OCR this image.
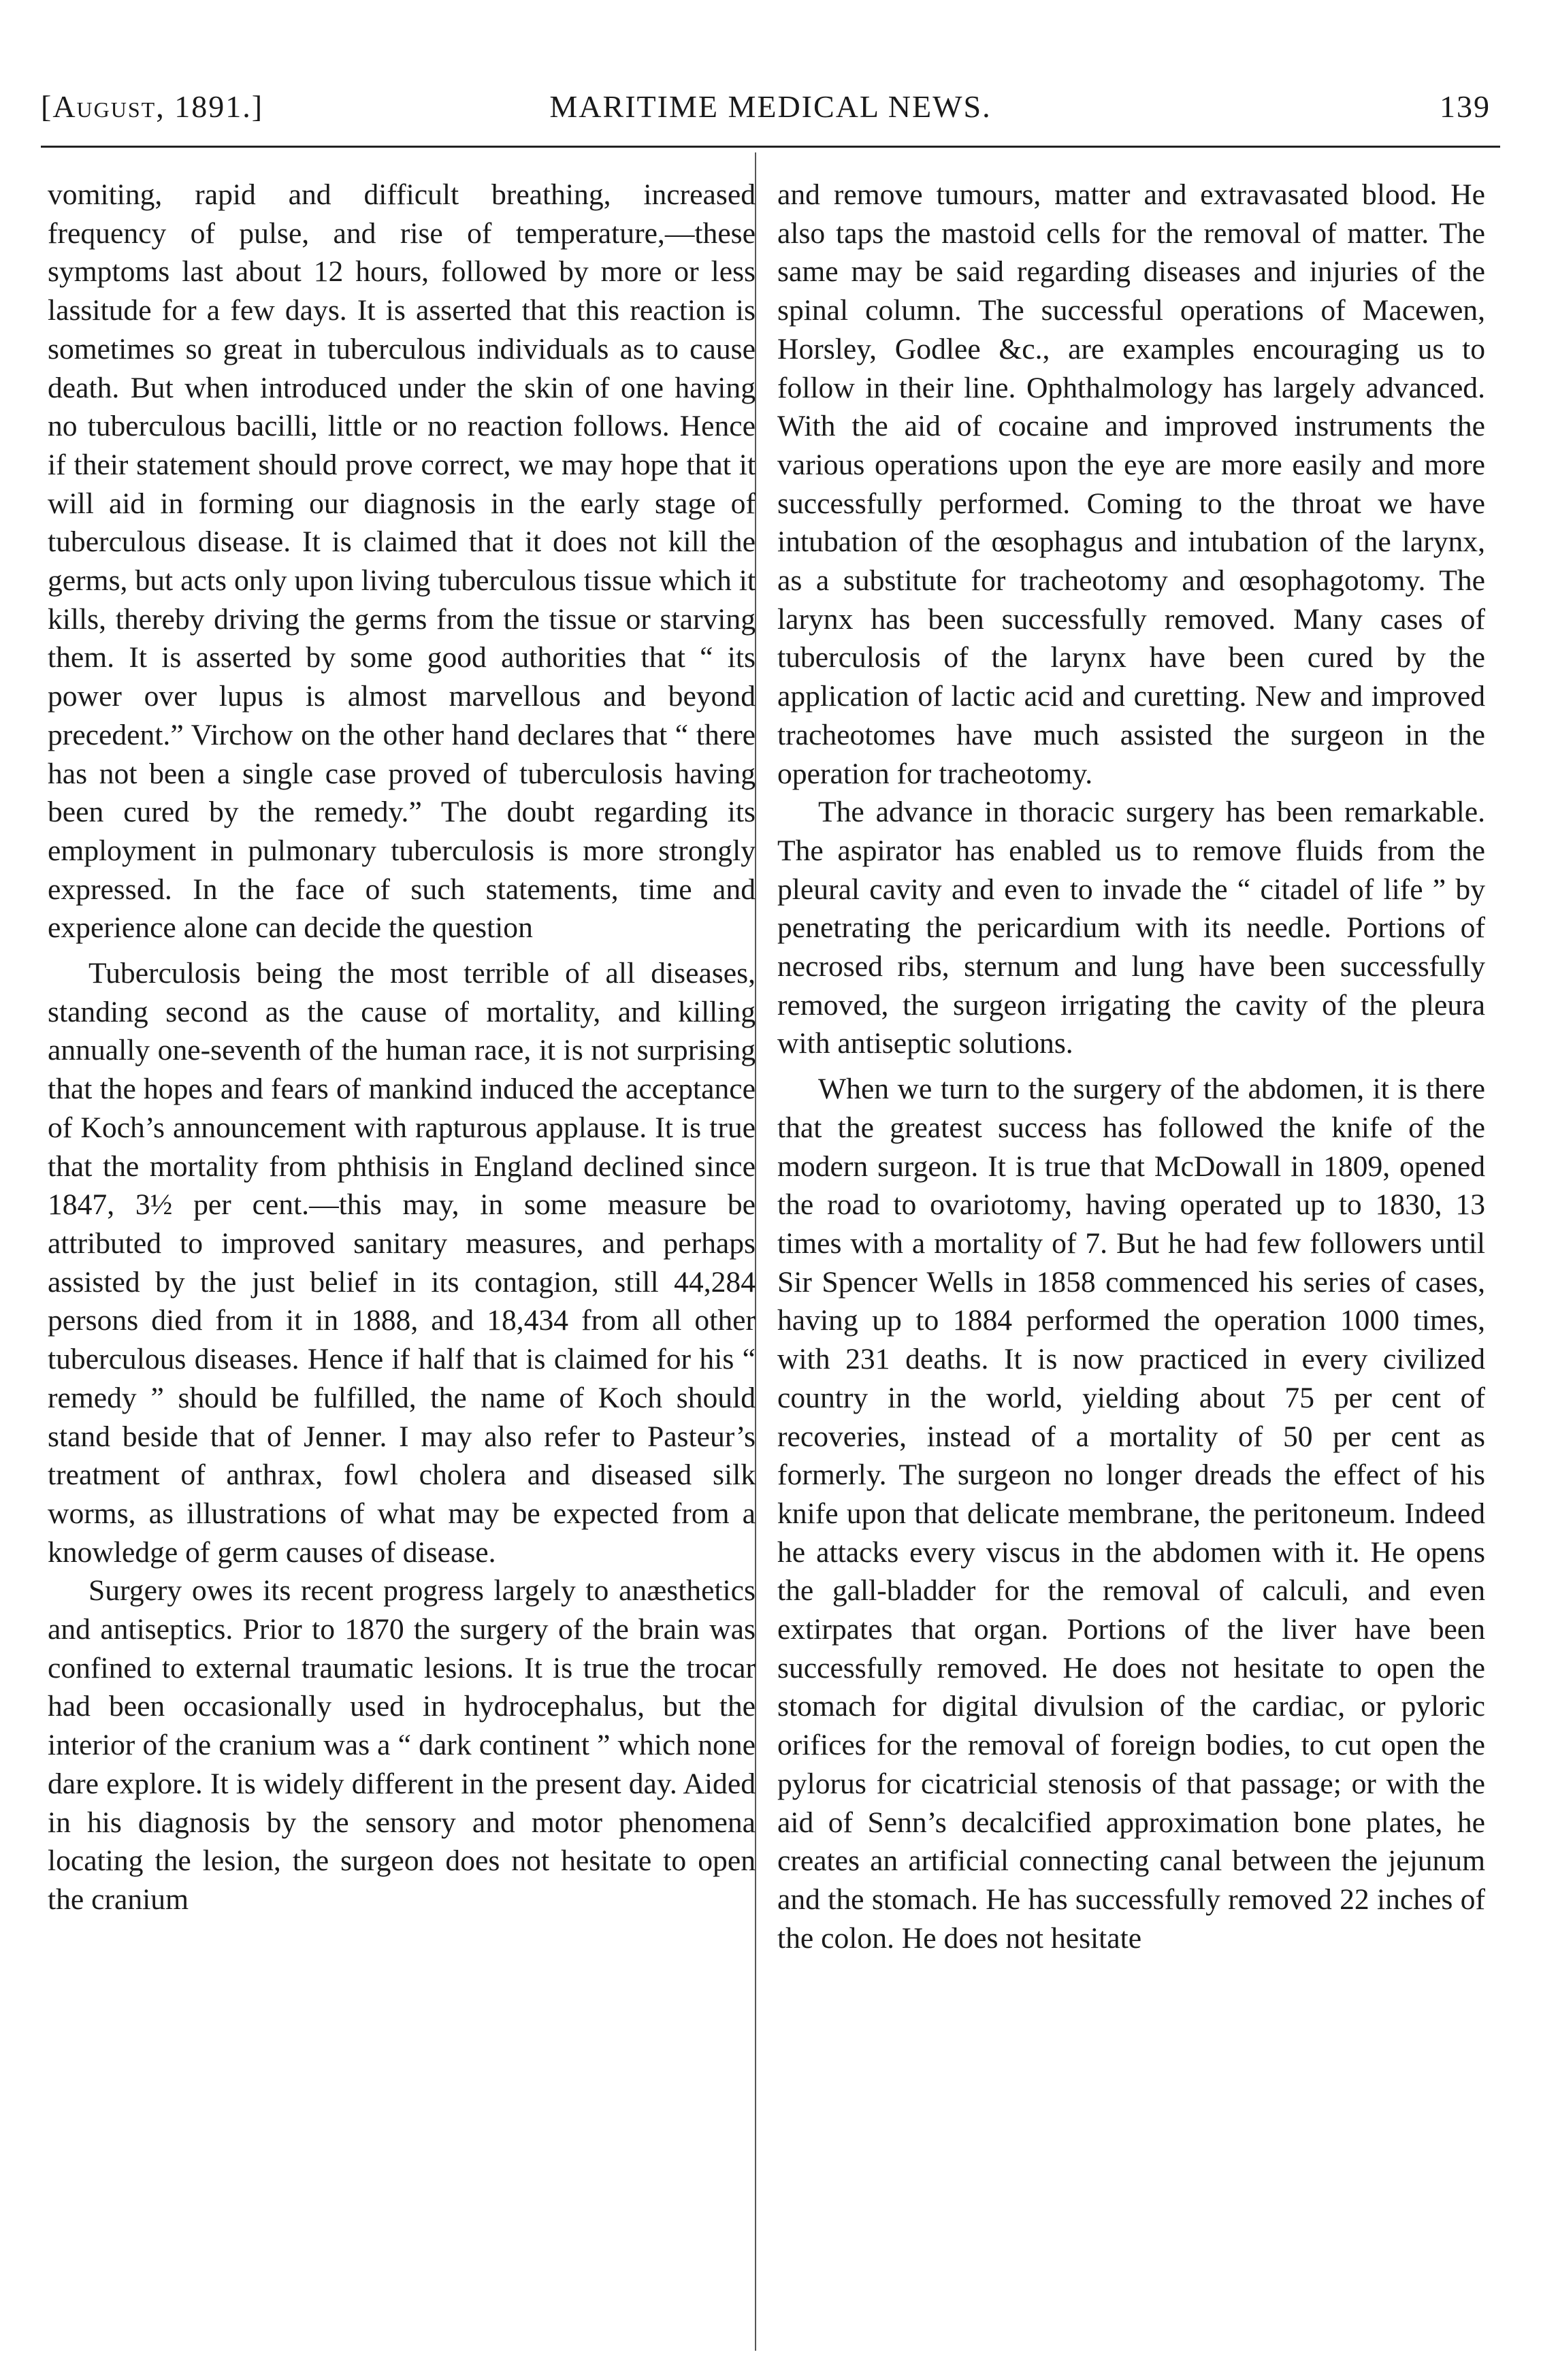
[August, 1891.]	MARITIME MEDICAL NEWS.	139

vomiting, rapid and difficult breathing, increased frequency of pulse, and rise of temperature,—these symptoms last about 12 hours, followed by more or less lassitude for a few days. It is asserted that this reaction is sometimes so great in tuberculous individuals as to cause death. But when introduced under the skin of one having no tuberculous bacilli, little or no reaction follows. Hence if their statement should prove correct, we may hope that it will aid in forming our diagnosis in the early stage of tuberculous disease. It is claimed that it does not kill the germs, but acts only upon living tuberculous tissue which it kills, thereby driving the germs from the tissue or starving them. It is asserted by some good authorities that “ its power over lupus is almost marvellous and beyond precedent.” Virchow on the other hand declares that “ there has not been a single case proved of tuberculosis having been cured by the remedy.” The doubt regarding its employment in pulmonary tuberculosis is more strongly expressed. In the face of such statements, time and experience alone can decide the question

Tuberculosis being the most terrible of all diseases, standing second as the cause of mortality, and killing annually one-seventh of the human race, it is not surprising that the hopes and fears of mankind induced the acceptance of Koch’s announcement with rapturous applause. It is true that the mortality from phthisis in England declined since 1847, 3½ per cent.—this may, in some measure be attributed to improved sanitary measures, and perhaps assisted by the just belief in its contagion, still 44,284 persons died from it in 1888, and 18,434 from all other tuberculous diseases. Hence if half that is claimed for his “ remedy ” should be fulfilled, the name of Koch should stand beside that of Jenner. I may also refer to Pasteur’s treatment of anthrax, fowl cholera and diseased silk worms, as illustrations of what may be expected from a knowledge of germ causes of disease.

Surgery owes its recent progress largely to anæsthetics and antiseptics. Prior to 1870 the surgery of the brain was confined to external traumatic lesions. It is true the trocar had been occasionally used in hydrocephalus, but the interior of the cranium was a “ dark continent ” which none dare explore. It is widely different in the present day. Aided in his diagnosis by the sensory and motor phenomena locating the lesion, the surgeon does not hesitate to open the cranium

and remove tumours, matter and extravasated blood. He also taps the mastoid cells for the removal of matter. The same may be said regarding diseases and injuries of the spinal column. The successful operations of Macewen, Horsley, Godlee &c., are examples encouraging us to follow in their line. Ophthalmology has largely advanced. With the aid of cocaine and improved instruments the various operations upon the eye are more easily and more successfully performed. Coming to the throat we have intubation of the œsophagus and intubation of the larynx, as a substitute for tracheotomy and œsophagotomy. The larynx has been successfully removed. Many cases of tuberculosis of the larynx have been cured by the application of lactic acid and curetting. New and improved tracheotomes have much assisted the surgeon in the operation for tracheotomy.

The advance in thoracic surgery has been remarkable. The aspirator has enabled us to remove fluids from the pleural cavity and even to invade the “ citadel of life ” by penetrating the pericardium with its needle. Portions of necrosed ribs, sternum and lung have been successfully removed, the surgeon irrigating the cavity of the pleura with antiseptic solutions.

When we turn to the surgery of the abdomen, it is there that the greatest success has followed the knife of the modern surgeon. It is true that McDowall in 1809, opened the road to ovariotomy, having operated up to 1830, 13 times with a mortality of 7. But he had few followers until Sir Spencer Wells in 1858 commenced his series of cases, having up to 1884 performed the operation 1000 times, with 231 deaths. It is now practiced in every civilized country in the world, yielding about 75 per cent of recoveries, instead of a mortality of 50 per cent as formerly. The surgeon no longer dreads the effect of his knife upon that delicate membrane, the peritoneum. Indeed he attacks every viscus in the abdomen with it. He opens the gall-bladder for the removal of calculi, and even extirpates that organ. Portions of the liver have been successfully removed. He does not hesitate to open the stomach for digital divulsion of the cardiac, or pyloric orifices for the removal of foreign bodies, to cut open the pylorus for cicatricial stenosis of that passage; or with the aid of Senn’s decalcified approximation bone plates, he creates an artificial connecting canal between the jejunum and the stomach. He has successfully removed 22 inches of the colon. He does not hesitate
